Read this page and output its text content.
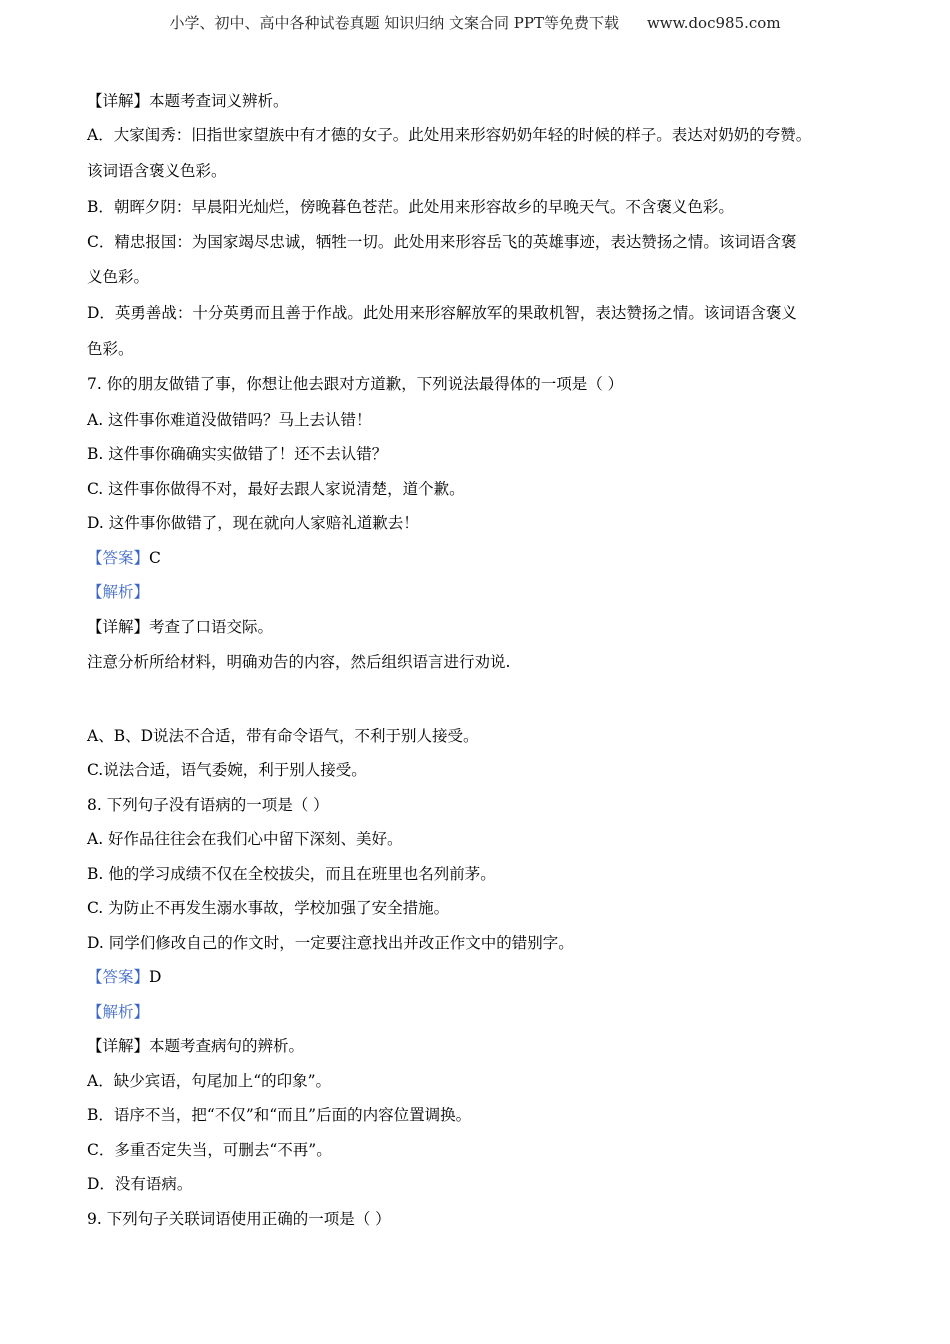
小学、初中、高中各种试卷真题 知识归纳 文案合同 PPT等免费下载 www.doc985.com
【详解】本题考查词义辨析。
A．大家闺秀：旧指世家望族中有才德的女子。此处用来形容奶奶年轻的时候的样子。表达对奶奶的夸赞。
该词语含褒义色彩。
B．朝晖夕阴：早晨阳光灿烂，傍晚暮色苍茫。此处用来形容故乡的早晚天气。不含褒义色彩。
C．精忠报国：为国家竭尽忠诚，牺牲一切。此处用来形容岳飞的英雄事迹，表达赞扬之情。该词语含褒
义色彩。
D．英勇善战：十分英勇而且善于作战。此处用来形容解放军的果敢机智，表达赞扬之情。该词语含褒义
色彩。
7. 你的朋友做错了事，你想让他去跟对方道歉，下列说法最得体的一项是（ ）
A. 这件事你难道没做错吗？马上去认错！
B. 这件事你确确实实做错了！还不去认错？
C. 这件事你做得不对，最好去跟人家说清楚，道个歉。
D. 这件事你做错了，现在就向人家赔礼道歉去！
【答案】C
【解析】
【详解】考查了口语交际。
注意分析所给材料，明确劝告的内容，然后组织语言进行劝说.
A、B、D说法不合适，带有命令语气，不利于别人接受。
C.说法合适，语气委婉，利于别人接受。
8. 下列句子没有语病的一项是（ ）
A. 好作品往往会在我们心中留下深刻、美好。
B. 他的学习成绩不仅在全校拔尖，而且在班里也名列前茅。
C. 为防止不再发生溺水事故，学校加强了安全措施。
D. 同学们修改自己的作文时，一定要注意找出并改正作文中的错别字。
【答案】D
【解析】
【详解】本题考查病句的辨析。
A．缺少宾语，句尾加上“的印象”。
B．语序不当，把“不仅”和“而且”后面的内容位置调换。
C．多重否定失当，可删去“不再”。
D．没有语病。
9. 下列句子关联词语使用正确的一项是（ ）
